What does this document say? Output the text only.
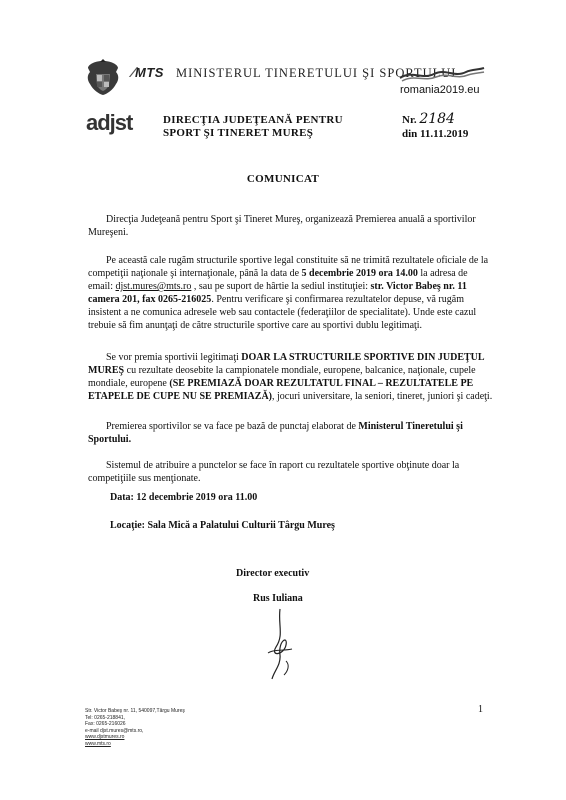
⁄MTS MINISTERUL TINERETULUI ŞI SPORTULUI
romania2019.eu
adjst	DIRECŢIA JUDEŢEANĂ PENTRU
SPORT ŞI TINERET MUREŞ
Nr. 2184
din 11.11.2019
COMUNICAT
Direcţia Judeţeană pentru Sport şi Tineret Mureş, organizează Premierea anuală a sportivilor Mureşeni.
Pe această cale rugăm structurile sportive legal constituite să ne trimită rezultatele oficiale de la competiţii naţionale şi internaţionale, până la data de 5 decembrie 2019 ora 14.00 la adresa de email: djst.mures@mts.ro , sau pe suport de hârtie la sediul instituţiei: str. Victor Babeş nr. 11 camera 201, fax 0265-216025. Pentru verificare şi confirmarea rezultatelor depuse, vă rugăm insistent a ne comunica adresele web sau contactele (federaţiilor de specialitate). Unde este cazul trebuie să fim anunţaţi de către structurile sportive care au sportivi dublu legitimaţi.
Se vor premia sportivii legitimaţi DOAR LA STRUCTURILE SPORTIVE DIN JUDEŢUL MUREŞ cu rezultate deosebite la campionatele mondiale, europene, balcanice, naţionale, cupele mondiale, europene (SE PREMIAZĂ DOAR REZULTATUL FINAL – REZULTATELE PE ETAPELE DE CUPE NU SE PREMIAZĂ), jocuri universitare, la seniori, tineret, juniori şi cadeţi.
Premierea sportivilor se va face pe bază de punctaj elaborat de Ministerul Tineretului şi Sportului.
Sistemul de atribuire a punctelor se face în raport cu rezultatele sportive obţinute doar la competiţiile sus menţionate.
Data: 12 decembrie 2019 ora 11.00
Locaţie: Sala Mică a Palatului Culturii Târgu Mureş
Director executiv
Rus Iuliana
1
Str. Victor Babeş nr. 11, 540097,Târgu Mureş
Tel: 0265-218841,
Fax: 0265-216026
e-mail djst.mures@mts.ro,
www.djstmures.ro
www.mts.ro
